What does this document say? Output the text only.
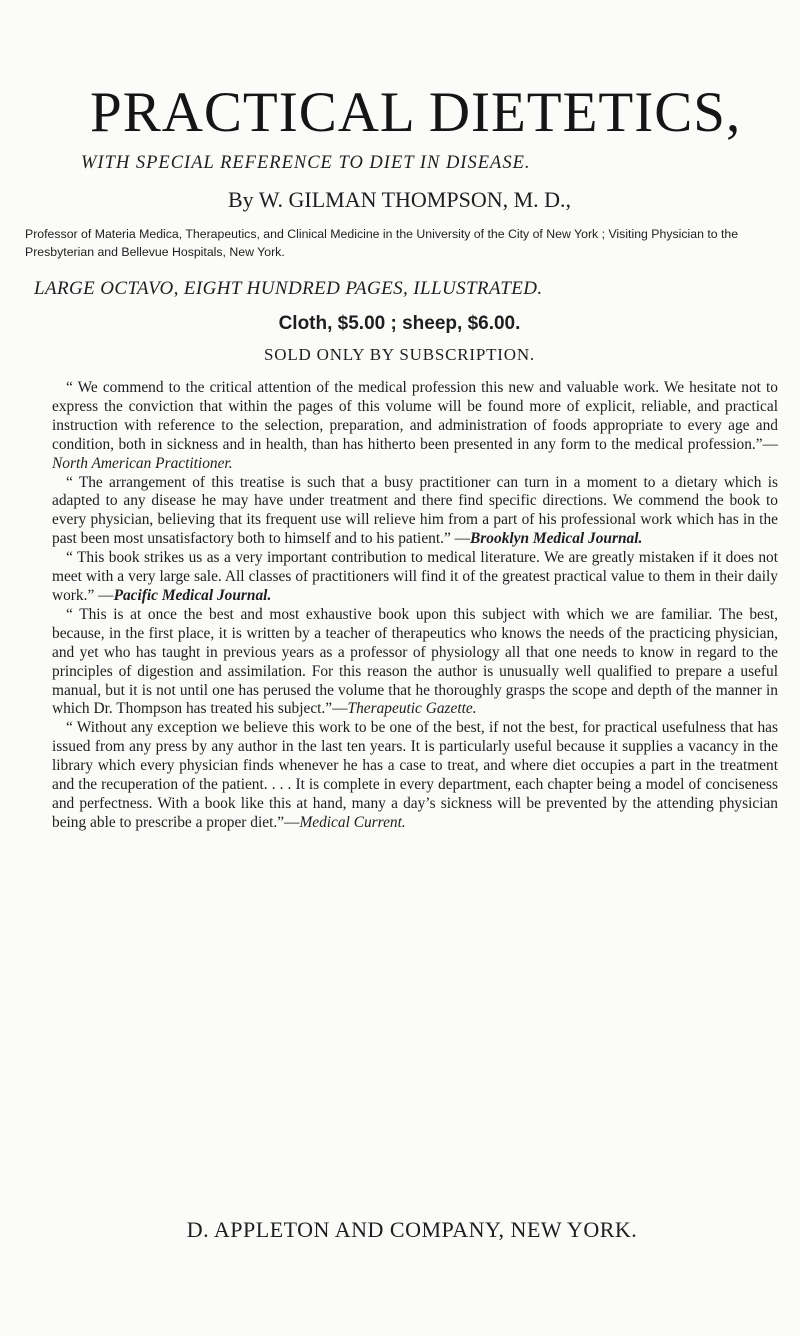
PRACTICAL DIETETICS,
WITH SPECIAL REFERENCE TO DIET IN DISEASE.
By W. GILMAN THOMPSON, M. D.,
Professor of Materia Medica, Therapeutics, and Clinical Medicine in the University of the City of New York ; Visiting Physician to the Presbyterian and Bellevue Hospitals, New York.
LARGE OCTAVO, EIGHT HUNDRED PAGES, ILLUSTRATED.
Cloth, $5.00 ; sheep, $6.00.
SOLD ONLY BY SUBSCRIPTION.

“ We commend to the critical attention of the medical profession this new and valuable work. We hesitate not to express the conviction that within the pages of this volume will be found more of explicit, reliable, and practical instruction with reference to the selection, preparation, and administration of foods appropriate to every age and condition, both in sickness and in health, than has hitherto been presented in any form to the medical profession.”—North American Practitioner.

“ The arrangement of this treatise is such that a busy practitioner can turn in a moment to a dietary which is adapted to any disease he may have under treatment and there find specific directions. We commend the book to every physician, believing that its frequent use will relieve him from a part of his professional work which has in the past been most unsatisfactory both to himself and to his patient.” —Brooklyn Medical Journal.

“ This book strikes us as a very important contribution to medical literature. We are greatly mistaken if it does not meet with a very large sale. All classes of practitioners will find it of the greatest practical value to them in their daily work.” —Pacific Medical Journal.

“ This is at once the best and most exhaustive book upon this subject with which we are familiar. The best, because, in the first place, it is written by a teacher of therapeutics who knows the needs of the practicing physician, and yet who has taught in previous years as a professor of physiology all that one needs to know in regard to the principles of digestion and assimilation. For this reason the author is unusually well qualified to prepare a useful manual, but it is not until one has perused the volume that he thoroughly grasps the scope and depth of the manner in which Dr. Thompson has treated his subject.”—Therapeutic Gazette.

“ Without any exception we believe this work to be one of the best, if not the best, for practical usefulness that has issued from any press by any author in the last ten years. It is particularly useful because it supplies a vacancy in the library which every physician finds whenever he has a case to treat, and where diet occupies a part in the treatment and the recuperation of the patient. . . . It is complete in every department, each chapter being a model of conciseness and perfectness. With a book like this at hand, many a day’s sickness will be prevented by the attending physician being able to prescribe a proper diet.”—Medical Current.

D. APPLETON AND COMPANY, NEW YORK.
